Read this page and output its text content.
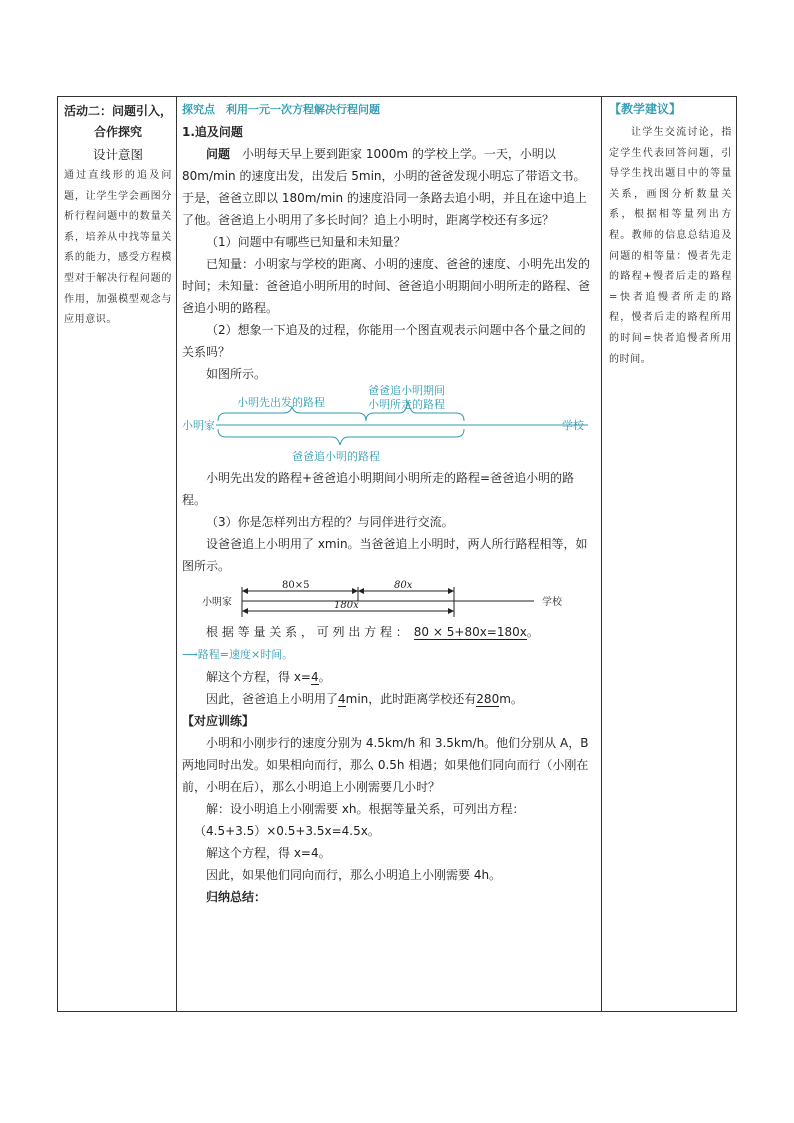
活动二：问题引入，合作探究
设计意图
通过直线形的追及问题，让学生学会画图分析行程问题中的数量关系，培养从中找等量关系的能力，感受方程模型对于解决行程问题的作用，加强模型观念与应用意识。

探究点　利用一元一次方程解决行程问题

1.追及问题

问题　 小明每天早上要到距家 1000m 的学校上学。一天，小明以 80m/min 的速度出发，出发后 5min，小明的爸爸发现小明忘了带语文书。于是，爸爸立即以 180m/min 的速度沿同一条路去追小明，并且在途中追上了他。爸爸追上小明用了多长时间？追上小明时，距离学校还有多远？

（1）问题中有哪些已知量和未知量？

已知量：小明家与学校的距离、小明的速度、爸爸的速度、小明先出发的时间；未知量：爸爸追小明所用的时间、爸爸追小明期间小明所走的路程、爸爸追小明的路程。

（2）想象一下追及的过程，你能用一个图直观表示问题中各个量之间的关系吗？

如图所示。

小明家	学校
小明先出发的路程
爸爸追小明期间
小明所走的路程
爸爸追小明的路程

小明先出发的路程+爸爸追小明期间小明所走的路程=爸爸追小明的路程。

（3）你是怎样列出方程的？与同伴进行交流。

设爸爸追上小明用了 xmin。当爸爸追上小明时，两人所行路程相等，如图所示。

小明家	学校
80×5	80x
180x

根 据 等 量 关 系 ， 可 列 出 方 程 ：　 80 × 5+80x=180x。

⟶路程=速度×时间。

解这个方程，得 x=4。

因此，爸爸追上小明用了4min，此时距离学校还有280m。

【对应训练】

小明和小刚步行的速度分别为 4.5km/h 和 3.5km/h。他们分别从 A，B 两地同时出发。如果相向而行，那么 0.5h 相遇；如果他们同向而行（小刚在前，小明在后），那么小明追上小刚需要几小时？

解：设小明追上小刚需要 xh。根据等量关系，可列出方程：

（4.5+3.5）×0.5+3.5x=4.5x。

解这个方程，得 x=4。

因此，如果他们同向而行，那么小明追上小刚需要 4h。

归纳总结：

【教学建议】
让学生交流讨论，指定学生代表回答问题，引导学生找出题目中的等量关系，画图分析数量关系，根据相等量列出方程。教师的信息总结追及问题的相等量：慢者先走的路程+慢者后走的路程=快者追慢者所走的路程，慢者后走的路程所用的时间=快者追慢者所用的时间。
